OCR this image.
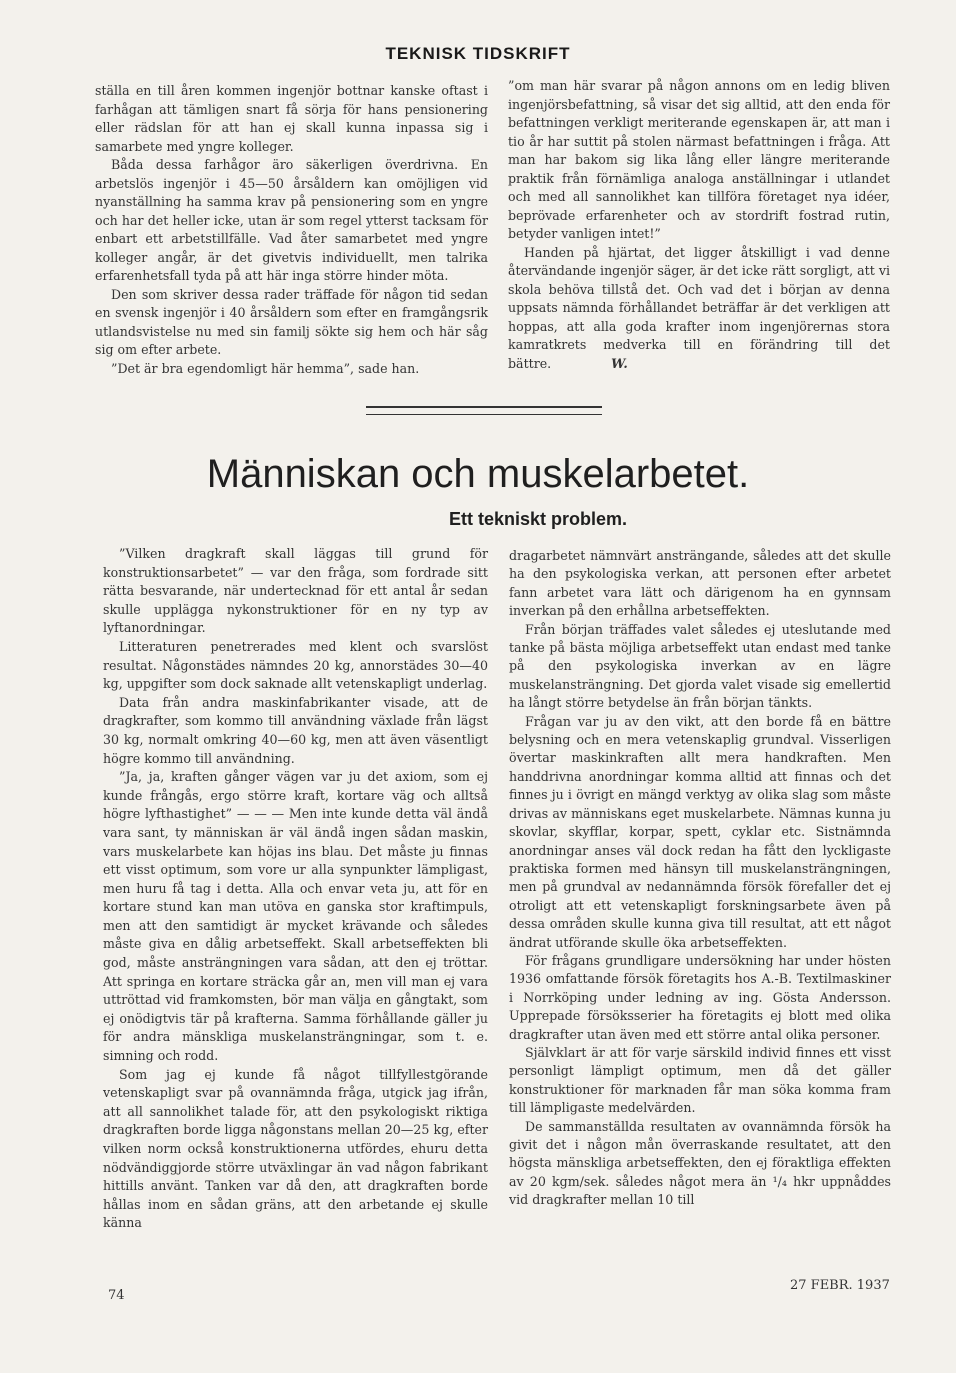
TEKNISK TIDSKRIFT

ställa en till åren kommen ingenjör bottnar kanske oftast i farhågan att tämligen snart få sörja för hans pensionering eller rädslan för att han ej skall kunna inpassa sig i samarbete med yngre kolleger.

Båda dessa farhågor äro säkerligen överdrivna. En arbetslös ingenjör i 45—50 årsåldern kan omöjligen vid nyanställning ha samma krav på pensionering som en yngre och har det heller icke, utan är som regel ytterst tacksam för enbart ett arbetstillfälle. Vad åter samarbetet med yngre kolleger angår, är det givetvis individuellt, men talrika erfarenhetsfall tyda på att här inga större hinder möta.

Den som skriver dessa rader träffade för någon tid sedan en svensk ingenjör i 40 årsåldern som efter en framgångsrik utlandsvistelse nu med sin familj sökte sig hem och här såg sig om efter arbete.

”Det är bra egendomligt här hemma”, sade han.

”om man här svarar på någon annons om en ledig bliven ingenjörsbefattning, så visar det sig alltid, att den enda för befattningen verkligt meriterande egenskapen är, att man i tio år har suttit på stolen närmast befattningen i fråga. Att man har bakom sig lika lång eller längre meriterande praktik från förnämliga analoga anställningar i utlandet och med all sannolikhet kan tillföra företaget nya idéer, beprövade erfarenheter och av stordrift fostrad rutin, betyder vanligen intet!”

Handen på hjärtat, det ligger åtskilligt i vad denne återvändande ingenjör säger, är det icke rätt sorgligt, att vi skola behöva tillstå det. Och vad det i början av denna uppsats nämnda förhållandet beträffar är det verkligen att hoppas, att alla goda krafter inom ingenjörernas stora kamratkrets medverka till en förändring till det bättre.	W.

Människan och muskelarbetet.
Ett tekniskt problem.

”Vilken dragkraft skall läggas till grund för konstruktionsarbetet” — var den fråga, som fordrade sitt rätta besvarande, när undertecknad för ett antal år sedan skulle upplägga nykonstruktioner för en ny typ av lyftanordningar.

Litteraturen penetrerades med klent och svarslöst resultat. Någonstädes nämndes 20 kg, annorstädes 30—40 kg, uppgifter som dock saknade allt vetenskapligt underlag.

Data från andra maskinfabrikanter visade, att de dragkrafter, som kommo till användning växlade från lägst 30 kg, normalt omkring 40—60 kg, men att även väsentligt högre kommo till användning.

”Ja, ja, kraften gånger vägen var ju det axiom, som ej kunde frångås, ergo större kraft, kortare väg och alltså högre lyfthastighet” — — — Men inte kunde detta väl ändå vara sant, ty människan är väl ändå ingen sådan maskin, vars muskelarbete kan höjas ins blau. Det måste ju finnas ett visst optimum, som vore ur alla synpunkter lämpligast, men huru få tag i detta. Alla och envar veta ju, att för en kortare stund kan man utöva en ganska stor kraftimpuls, men att den samtidigt är mycket krävande och således måste giva en dålig arbetseffekt. Skall arbetseffekten bli god, måste ansträngningen vara sådan, att den ej tröttar. Att springa en kortare sträcka går an, men vill man ej vara uttröttad vid framkomsten, bör man välja en gångtakt, som ej onödigtvis tär på krafterna. Samma förhållande gäller ju för andra mänskliga muskelansträngningar, som t. e. simning och rodd.

Som jag ej kunde få något tillfyllestgörande vetenskapligt svar på ovannämnda fråga, utgick jag ifrån, att all sannolikhet talade för, att den psykologiskt riktiga dragkraften borde ligga någonstans mellan 20—25 kg, efter vilken norm också konstruktionerna utfördes, ehuru detta nödvändiggjorde större utväxlingar än vad någon fabrikant hittills använt. Tanken var då den, att dragkraften borde hållas inom en sådan gräns, att den arbetande ej skulle känna

dragarbetet nämnvärt ansträngande, således att det skulle ha den psykologiska verkan, att personen efter arbetet fann arbetet vara lätt och därigenom ha en gynnsam inverkan på den erhållna arbetseffekten.

Från början träffades valet således ej uteslutande med tanke på bästa möjliga arbetseffekt utan endast med tanke på den psykologiska inverkan av en lägre muskelansträngning. Det gjorda valet visade sig emellertid ha långt större betydelse än från början tänkts.

Frågan var ju av den vikt, att den borde få en bättre belysning och en mera vetenskaplig grundval. Visserligen övertar maskinkraften allt mera handkraften. Men handdrivna anordningar komma alltid att finnas och det finnes ju i övrigt en mängd verktyg av olika slag som måste drivas av människans eget muskelarbete. Nämnas kunna ju skovlar, skyfflar, korpar, spett, cyklar etc. Sistnämnda anordningar anses väl dock redan ha fått den lyckligaste praktiska formen med hänsyn till muskelansträngningen, men på grundval av nedannämnda försök förefaller det ej otroligt att ett vetenskapligt forskningsarbete även på dessa områden skulle kunna giva till resultat, att ett något ändrat utförande skulle öka arbetseffekten.

För frågans grundligare undersökning har under hösten 1936 omfattande försök företagits hos A.-B. Textilmaskiner i Norrköping under ledning av ing. Gösta Andersson. Upprepade försöksserier ha företagits ej blott med olika dragkrafter utan även med ett större antal olika personer.

Självklart är att för varje särskild individ finnes ett visst personligt lämpligt optimum, men då det gäller konstruktioner för marknaden får man söka komma fram till lämpligaste medelvärden.

De sammanställda resultaten av ovannämnda försök ha givit det i någon mån överraskande resultatet, att den högsta mänskliga arbetseffekten, den ej föraktliga effekten av 20 kgm/sek. således något mera än ¹/₄ hkr uppnåddes vid dragkrafter mellan 10 till

74
27 FEBR. 1937
